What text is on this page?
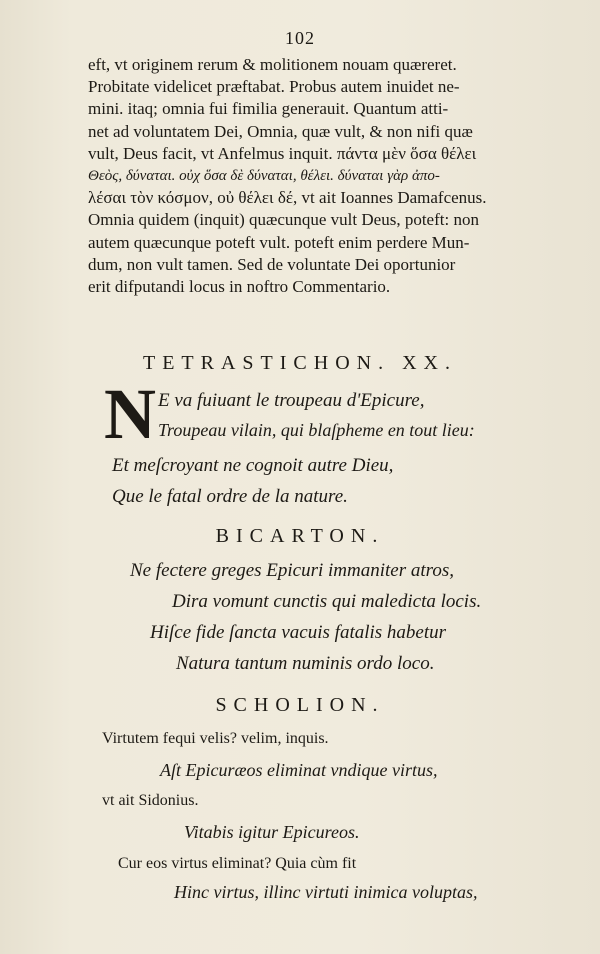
102
eft, vt originem rerum & molitionem nouam quæreret.
Probitate videlicet præftabat. Probus autem inuidet ne-
mini. itaq; omnia fui fimilia generauit. Quantum atti-
net ad voluntatem Dei, Omnia, quæ vult, & non nifi quæ
vult, Deus facit, vt Anfelmus inquit. πάντα μὲν ὅσα θέλει
Θεὸς, δύναται. οὐχ ὅσα δὲ δύναται, θέλει. δύναται γὰρ ἀπο-
λέσαι τὸν κόσμον, οὐ θέλει δέ, vt ait Ioannes Damafcenus.
Omnia quidem (inquit) quæcunque vult Deus, poteft: non
autem quæcunque poteft vult. poteft enim perdere Mun-
dum, non vult tamen. Sed de voluntate Dei oportunior
erit difputandi locus in noftro Commentario.
TETRASTICHON. XX.
N E va fuiuant le troupeau d'Epicure,
Troupeau vilain, qui blaſpheme en tout lieu:
Et meſcroyant ne cognoit autre Dieu,
Que le fatal ordre de la nature.
BICARTON.
Ne fectere greges Epicuri immaniter atros,
Dira vomunt cunctis qui maledicta locis.
Hiſce fide ſancta vacuis fatalis habetur
Natura tantum numinis ordo loco.
SCHOLION.
Virtutem fequi velis? velim, inquis.
Aſt Epicuræos eliminat vndique virtus,
vt ait Sidonius.
Vitabis igitur Epicureos.
Cur eos virtus eliminat? Quia cùm fit
Hinc virtus, illinc virtuti inimica voluptas,
